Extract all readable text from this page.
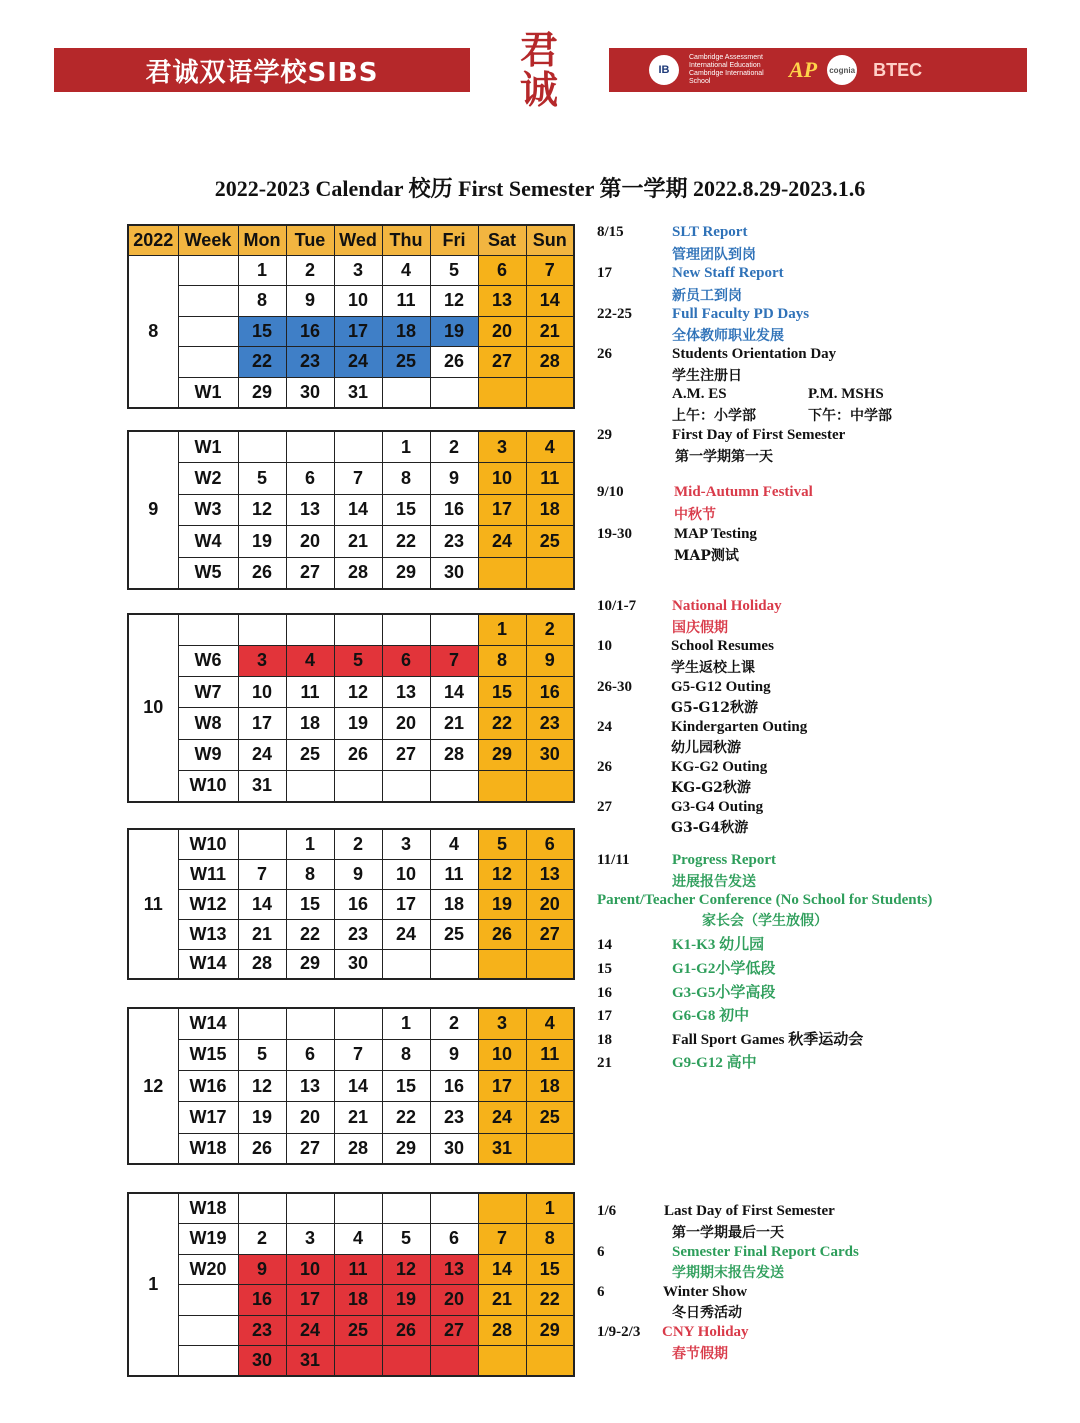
君诚双语学校SIBS
君
诚	IB
Cambridge Assessment International Education Cambridge International School	AP cognia BTEC
2022-2023 Calendar 校历 First Semester 第一学期 2022.8.29-2023.1.6
2022	Week	Mon	Tue	Wed	Thu	Fri	Sat	Sun
8		1	2	3	4	5	6	7
		8	9	10	11	12	13	14
		15	16	17	18	19	20	21
		22	23	24	25	26	27	28
	W1	29	30	31				
9	W1				1	2	3	4
	W2	5	6	7	8	9	10	11
	W3	12	13	14	15	16	17	18
	W4	19	20	21	22	23	24	25
	W5	26	27	28	29	30		
10							1	2
	W6	3	4	5	6	7	8	9
	W7	10	11	12	13	14	15	16
	W8	17	18	19	20	21	22	23
	W9	24	25	26	27	28	29	30
	W10	31						
11	W10		1	2	3	4	5	6
	W11	7	8	9	10	11	12	13
	W12	14	15	16	17	18	19	20
	W13	21	22	23	24	25	26	27
	W14	28	29	30				
12	W14				1	2	3	4
	W15	5	6	7	8	9	10	11
	W16	12	13	14	15	16	17	18
	W17	19	20	21	22	23	24	25
	W18	26	27	28	29	30	31	
1	W18							1
	W19	2	3	4	5	6	7	8
	W20	9	10	11	12	13	14	15
		16	17	18	19	20	21	22
		23	24	25	26	27	28	29
		30	31					
8/15	SLT Report
管理团队到岗
17	New Staff Report
新员工到岗
22-25	Full Faculty PD Days
全体教师职业发展
26	Students Orientation Day
学生注册日
A.M. ES	P.M. MSHS
上午：小学部	下午：中学部
29	First Day of First Semester
第一学期第一天
9/10	Mid-Autumn Festival
中秋节
19-30	MAP Testing
MAP测试
10/1-7 National Holiday
国庆假期
10	School Resumes
学生返校上课
26-30	G5-G12 Outing
G5-G12秋游
24	Kindergarten Outing
幼儿园秋游
26	KG-G2 Outing
KG-G2秋游
27	G3-G4 Outing
G3-G4秋游
11/11	Progress Report
进展报告发送
Parent/Teacher Conference (No School for Students)
家长会（学生放假）
14	K1-K3 幼儿园
15	G1-G2小学低段
16	G3-G5小学高段
17	G6-G8 初中
18	Fall Sport Games 秋季运动会
21	G9-G12 高中
1/6	Last Day of First Semester
第一学期最后一天
6	Semester Final Report Cards
学期期末报告发送
6	Winter Show
冬日秀活动
1/9-2/3 CNY Holiday
春节假期
